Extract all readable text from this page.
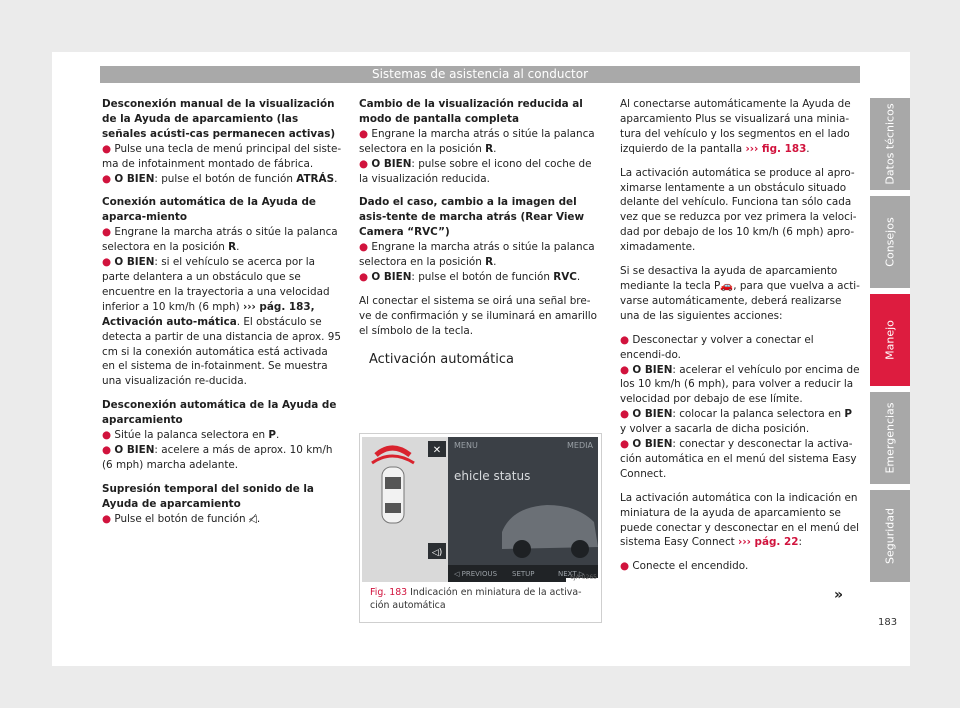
Sistemas de asistencia al conductor

Desconexión manual de la visualización de la Ayuda de aparcamiento (las señales acústi-cas permanecen activas)

● Pulse una tecla de menú principal del siste-ma de infotainment montado de fábrica.

● O BIEN: pulse el botón de función ATRÁS.

Conexión automática de la Ayuda de aparca-miento

● Engrane la marcha atrás o sitúe la palanca selectora en la posición R.

● O BIEN: si el vehículo se acerca por la parte delantera a un obstáculo que se encuentre en la trayectoria a una velocidad inferior a 10 km/h (6 mph) ››› pág. 183, Activación auto-mática. El obstáculo se detecta a partir de una distancia de aprox. 95 cm si la conexión automática está activada en el sistema de in-fotainment. Se muestra una visualización re-ducida.

Desconexión automática de la Ayuda de aparcamiento

● Sitúe la palanca selectora en P.

● O BIEN: acelere a más de aprox. 10 km/h (6 mph) marcha adelante.

Supresión temporal del sonido de la Ayuda de aparcamiento

● Pulse el botón de función ◁̸.

Cambio de la visualización reducida al modo de pantalla completa

● Engrane la marcha atrás o sitúe la palanca selectora en la posición R.

● O BIEN: pulse sobre el icono del coche de la visualización reducida.

Dado el caso, cambio a la imagen del asis-tente de marcha atrás (Rear View Camera “RVC”)

● Engrane la marcha atrás o sitúe la palanca selectora en la posición R.

● O BIEN: pulse el botón de función RVC.

Al conectar el sistema se oirá una señal bre-ve de confirmación y se iluminará en amarillo el símbolo de la tecla.

Activación automática
MENU	MEDIA
ehicle status
✕
◁)
◁ PREVIOUS SETUP	NEXT ▷
6JA-0265
Fig. 183 Indicación en miniatura de la activa-ción automática

Al conectarse automáticamente la Ayuda de aparcamiento Plus se visualizará una minia-tura del vehículo y los segmentos en el lado izquierdo de la pantalla ››› fig. 183.

La activación automática se produce al apro-ximarse lentamente a un obstáculo situado delante del vehículo. Funciona tan sólo cada vez que se reduzca por vez primera la veloci-dad por debajo de los 10 km/h (6 mph) apro-ximadamente.

Si se desactiva la ayuda de aparcamiento mediante la tecla P🚗, para que vuelva a acti-varse automáticamente, deberá realizarse una de las siguientes acciones:

● Desconectar y volver a conectar el encendi-do.

● O BIEN: acelerar el vehículo por encima de los 10 km/h (6 mph), para volver a reducir la velocidad por debajo de ese límite.

● O BIEN: colocar la palanca selectora en P y volver a sacarla de dicha posición.

● O BIEN: conectar y desconectar la activa-ción automática en el menú del sistema Easy Connect.

La activación automática con la indicación en miniatura de la ayuda de aparcamiento se puede conectar y desconectar en el menú del sistema Easy Connect ››› pág. 22:

● Conecte el encendido.

»
Datos técnicos
Consejos
Manejo
Emergencias
Seguridad
183
